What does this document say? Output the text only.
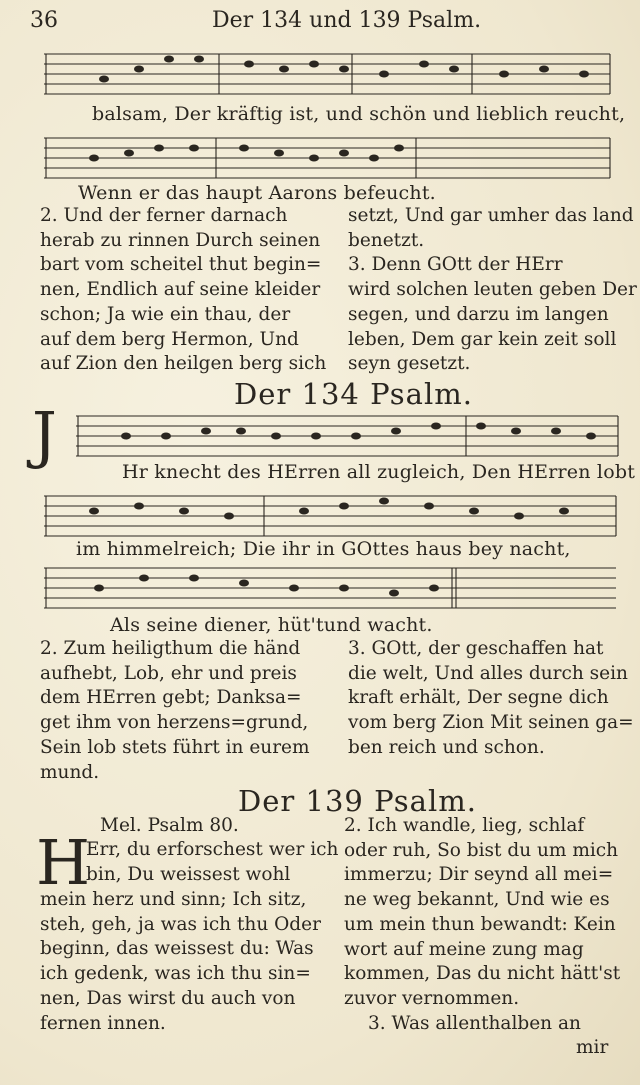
36	Der 134 und 139 Psalm.
balsam, Der kräftig ist, und schön und lieblich reucht,
Wenn er das haupt Aarons befeucht.
2. Und der ferner darnach
herab zu rinnen Durch seinen
bart vom scheitel thut begin=
nen, Endlich auf seine kleider
schon; Ja wie ein thau, der
auf dem berg Hermon, Und
auf Zion den heilgen berg sich
setzt, Und gar umher das land
benetzt.
3. Denn GOtt der HErr
wird solchen leuten geben Der
segen, und darzu im langen
leben, Dem gar kein zeit soll
seyn gesetzt.
Der 134 Psalm.
J
Hr knecht des HErren all zugleich, Den HErren lobt
im himmelreich; Die ihr in GOttes haus bey nacht,
Als seine diener, hüt'tund wacht.
2. Zum heiligthum die händ
aufhebt, Lob, ehr und preis
dem HErren gebt; Danksa=
get ihm von herzens=grund,
Sein lob stets führt in eurem
mund.
3. GOtt, der geschaffen hat
die welt, Und alles durch sein
kraft erhält, Der segne dich
vom berg Zion Mit seinen ga=
ben reich und schon.
Der 139 Psalm.
Mel. Psalm 80.
H
Err, du erforschest wer ich
bin, Du weissest wohl
mein herz und sinn; Ich sitz,
steh, geh, ja was ich thu Oder
beginn, das weissest du: Was
ich gedenk, was ich thu sin=
nen, Das wirst du auch von
fernen innen.
2. Ich wandle, lieg, schlaf
oder ruh, So bist du um mich
immerzu; Dir seynd all mei=
ne weg bekannt, Und wie es
um mein thun bewandt: Kein
wort auf meine zung mag
kommen, Das du nicht hätt'st
zuvor vernommen.
3. Was allenthalben an
mir
